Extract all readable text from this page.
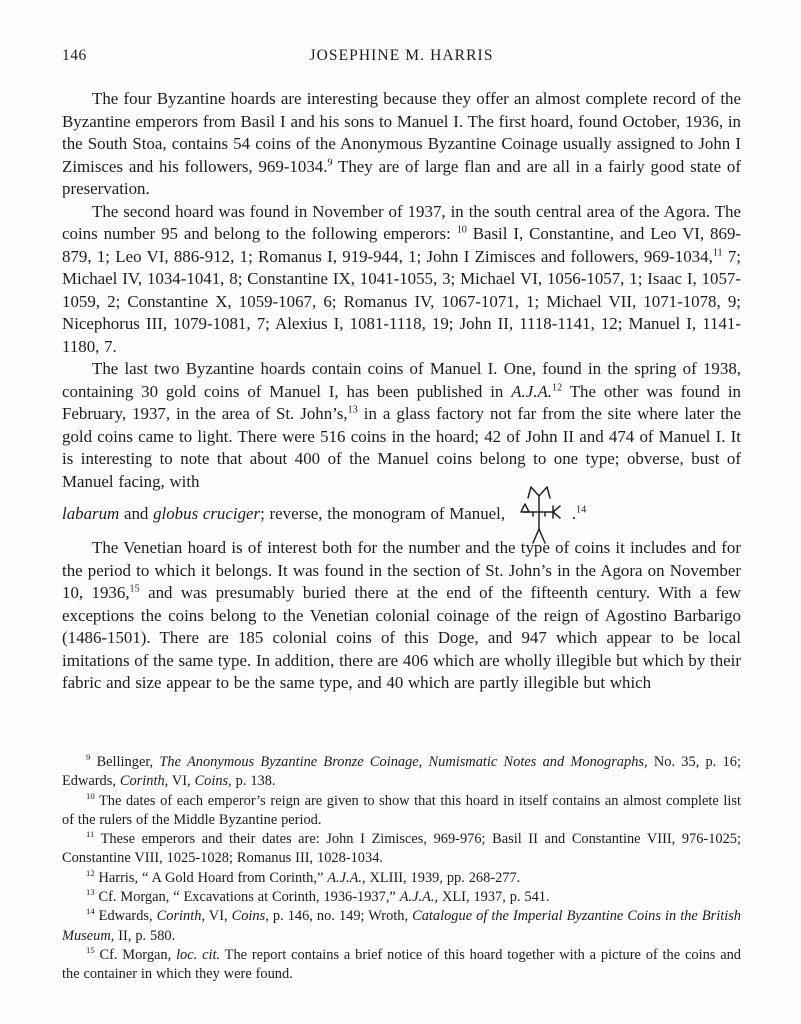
146	JOSEPHINE M. HARRIS

The four Byzantine hoards are interesting because they offer an almost complete record of the Byzantine emperors from Basil I and his sons to Manuel I. The first hoard, found October, 1936, in the South Stoa, contains 54 coins of the Anonymous Byzantine Coinage usually assigned to John I Zimisces and his followers, 969-1034.$^9$ They are of large flan and are all in a fairly good state of preservation.

The second hoard was found in November of 1937, in the south central area of the Agora. The coins number 95 and belong to the following emperors: $^{10}$ Basil I, Constantine, and Leo VI, 869-879, 1; Leo VI, 886-912, 1; Romanus I, 919-944, 1; John I Zimisces and followers, 969-1034,11 7; Michael IV, 1034-1041, 8; Constantine IX, 1041-1055, 3; Michael VI, 1056-1057, 1; Isaac I, 1057-1059, 2; Constantine X, 1059-1067, 6; Romanus IV, 1067-1071, 1; Michael VII, 1071-1078, 9; Nicephorus III, 1079-1081, 7; Alexius I, 1081-1118, 19; John II, 1118-1141, 12; Manuel I, 1141-1180, 7.

The last two Byzantine hoards contain coins of Manuel I. One, found in the spring of 1938, containing 30 gold coins of Manuel I, has been published in A.J.A.$^{12}$ The other was found in February, 1937, in the area of St. John’s,$^{13}$ in a glass factory not far from the site where later the gold coins came to light. There were 516 coins in the hoard; 42 of John II and 474 of Manuel I. It is interesting to note that about 400 of the Manuel coins belong to one type; obverse, bust of Manuel facing, with

labarum and globus cruciger; reverse, the monogram of Manuel,	.$^{14}$

The Venetian hoard is of interest both for the number and the type of coins it includes and for the period to which it belongs. It was found in the section of St. John’s in the Agora on November 10, 1936,15 and was presumably buried there at the end of the fifteenth century. With a few exceptions the coins belong to the Venetian colonial coinage of the reign of Agostino Barbarigo (1486-1501). There are 185 colonial coins of this Doge, and 947 which appear to be local imitations of the same type. In addition, there are 406 which are wholly illegible but which by their fabric and size appear to be the same type, and 40 which are partly illegible but which

$^9$ Bellinger, The Anonymous Byzantine Bronze Coinage, Numismatic Notes and Monographs, No. 35, p. 16; Edwards, Corinth, VI, Coins, p. 138.

$^{10}$ The dates of each emperor’s reign are given to show that this hoard in itself contains an almost complete list of the rulers of the Middle Byzantine period.

$^{11}$ These emperors and their dates are: John I Zimisces, 969-976; Basil II and Constantine VIII, 976-1025; Constantine VIII, 1025-1028; Romanus III, 1028-1034.

$^{12}$ Harris, “ A Gold Hoard from Corinth,” A.J.A., XLIII, 1939, pp. 268-277.

$^{13}$ Cf. Morgan, “ Excavations at Corinth, 1936-1937,” A.J.A., XLI, 1937, p. 541.

$^{14}$ Edwards, Corinth, VI, Coins, p. 146, no. 149; Wroth, Catalogue of the Imperial Byzantine Coins in the British Museum, II, p. 580.

$^{15}$ Cf. Morgan, loc. cit. The report contains a brief notice of this hoard together with a picture of the coins and the container in which they were found.
